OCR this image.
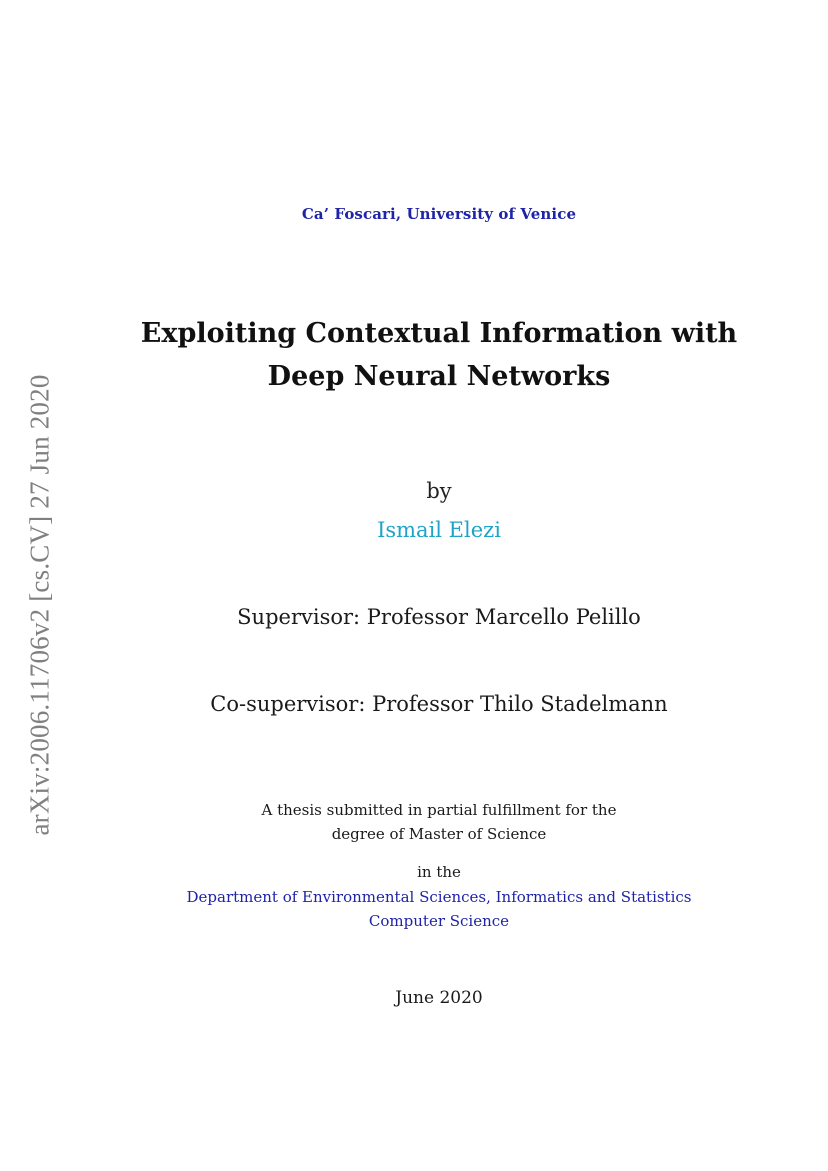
arXiv:2006.11706v2 [cs.CV] 27 Jun 2020
Ca’ Foscari, University of Venice
Exploiting Contextual Information with
Deep Neural Networks
by
Ismail Elezi
Supervisor: Professor Marcello Pelillo
Co-supervisor: Professor Thilo Stadelmann
A thesis submitted in partial fulfillment for the
degree of Master of Science
in the
Department of Environmental Sciences, Informatics and Statistics
Computer Science
June 2020
